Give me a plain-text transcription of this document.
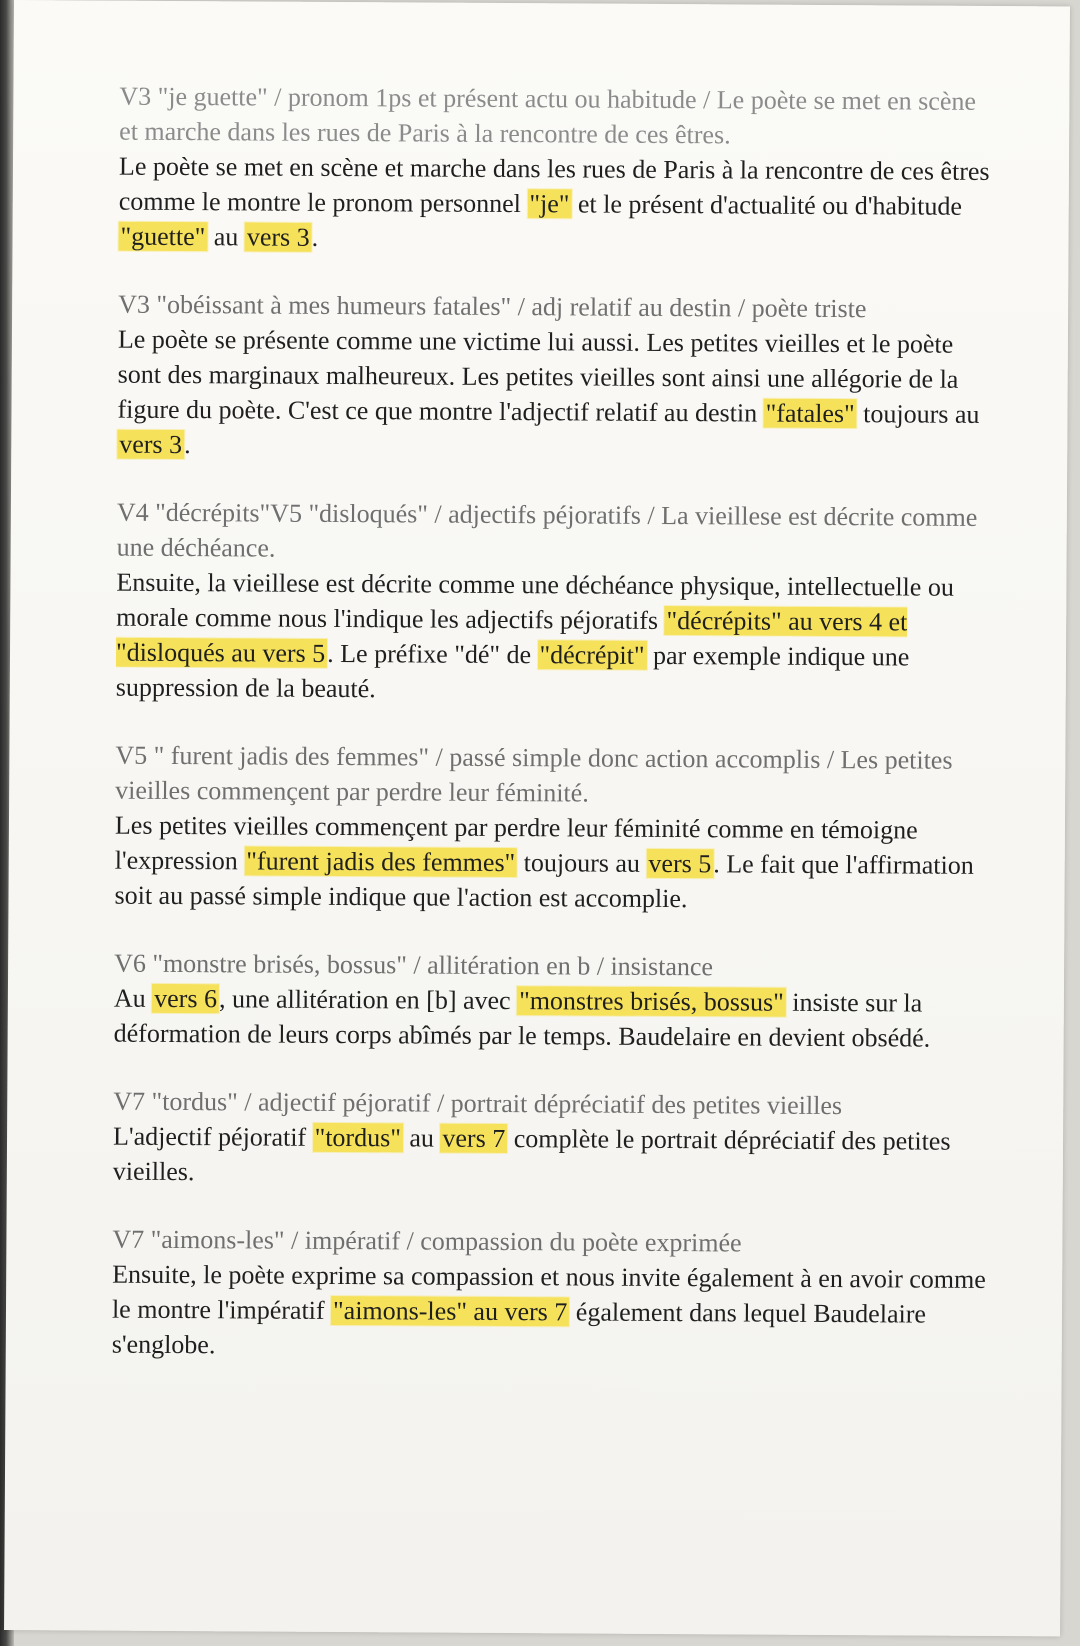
V3 "je guette" / pronom 1ps et présent actu ou habitude / Le poète se met en scène et marche dans les rues de Paris à la rencontre de ces êtres.

Le poète se met en scène et marche dans les rues de Paris à la rencontre de ces êtres comme le montre le pronom personnel "je" et le présent d'actualité ou d'habitude "guette" au vers 3.

V3 "obéissant à mes humeurs fatales" / adj relatif au destin / poète triste

Le poète se présente comme une victime lui aussi. Les petites vieilles et le poète sont des marginaux malheureux. Les petites vieilles sont ainsi une allégorie de la figure du poète. C'est ce que montre l'adjectif relatif au destin "fatales" toujours au vers 3.

V4 "décrépits"V5 "disloqués" / adjectifs péjoratifs / La vieillese est décrite comme une déchéance.

Ensuite, la vieillese est décrite comme une déchéance physique, intellectuelle ou morale comme nous l'indique les adjectifs péjoratifs "décrépits" au vers 4 et "disloqués au vers 5. Le préfixe "dé" de "décrépit" par exemple indique une suppression de la beauté.

V5 " furent jadis des femmes" / passé simple donc action accomplis / Les petites vieilles commençent par perdre leur féminité.

Les petites vieilles commençent par perdre leur féminité comme en témoigne l'expression "furent jadis des femmes" toujours au vers 5. Le fait que l'affirmation soit au passé simple indique que l'action est accomplie.

V6 "monstre brisés, bossus" / allitération en b / insistance

Au vers 6, une allitération en [b] avec "monstres brisés, bossus" insiste sur la déformation de leurs corps abîmés par le temps. Baudelaire en devient obsédé.

V7 "tordus" / adjectif péjoratif / portrait dépréciatif des petites vieilles

L'adjectif péjoratif "tordus" au vers 7 complète le portrait dépréciatif des petites vieilles.

V7 "aimons-les" / impératif / compassion du poète exprimée

Ensuite, le poète exprime sa compassion et nous invite également à en avoir comme le montre l'impératif "aimons-les" au vers 7 également dans lequel Baudelaire s'englobe.
